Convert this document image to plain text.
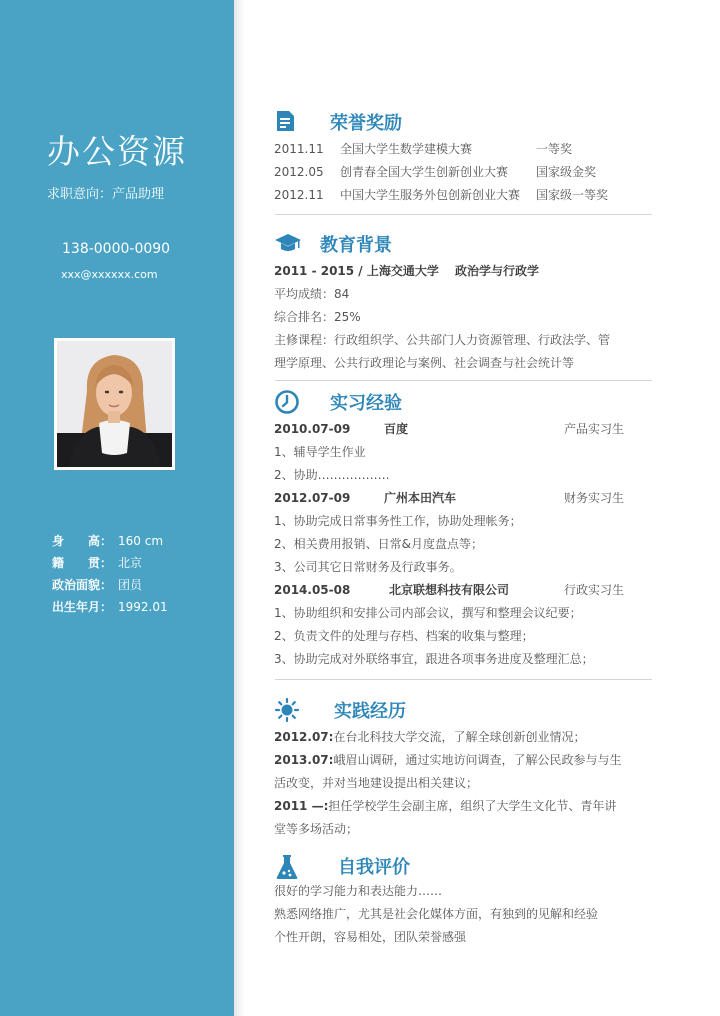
办公资源
求职意向：产品助理
138-0000-0090
xxx@xxxxxx.com
身　　高： 160 cm
籍　　贯： 北京
政治面貌： 团员
出生年月： 1992.01
荣誉奖励
2011.11 全国大学生数学建模大赛	一等奖
2012.05 创青春全国大学生创新创业大赛 国家级金奖
2012.11 中国大学生服务外包创新创业大赛 国家级一等奖
教育背景
2011 - 2015 / 上海交通大学 　政治学与行政学
平均成绩：84
综合排名：25%
主修课程：行政组织学、公共部门人力资源管理、行政法学、管
理学原理、公共行政理论与案例、社会调查与社会统计等
实习经验
2010.07-09	百度	产品实习生
1、辅导学生作业
2、协助………………
2012.07-09	广州本田汽车	财务实习生
1、协助完成日常事务性工作，协助处理帐务；
2、相关费用报销、日常&月度盘点等；
3、公司其它日常财务及行政事务。
2014.05-08	北京联想科技有限公司	行政实习生
1、协助组织和安排公司内部会议，撰写和整理会议纪要；
2、负责文件的处理与存档、档案的收集与整理；
3、协助完成对外联络事宜，跟进各项事务进度及整理汇总；
实践经历
2012.07:在台北科技大学交流，了解全球创新创业情况；
2013.07:峨眉山调研，通过实地访问调查，了解公民政参与与生
活改变，并对当地建设提出相关建议；
2011 —:担任学校学生会副主席，组织了大学生文化节、青年讲
堂等多场活动；
自我评价
很好的学习能力和表达能力……
熟悉网络推广，尤其是社会化媒体方面，有独到的见解和经验
个性开朗，容易相处，团队荣誉感强
